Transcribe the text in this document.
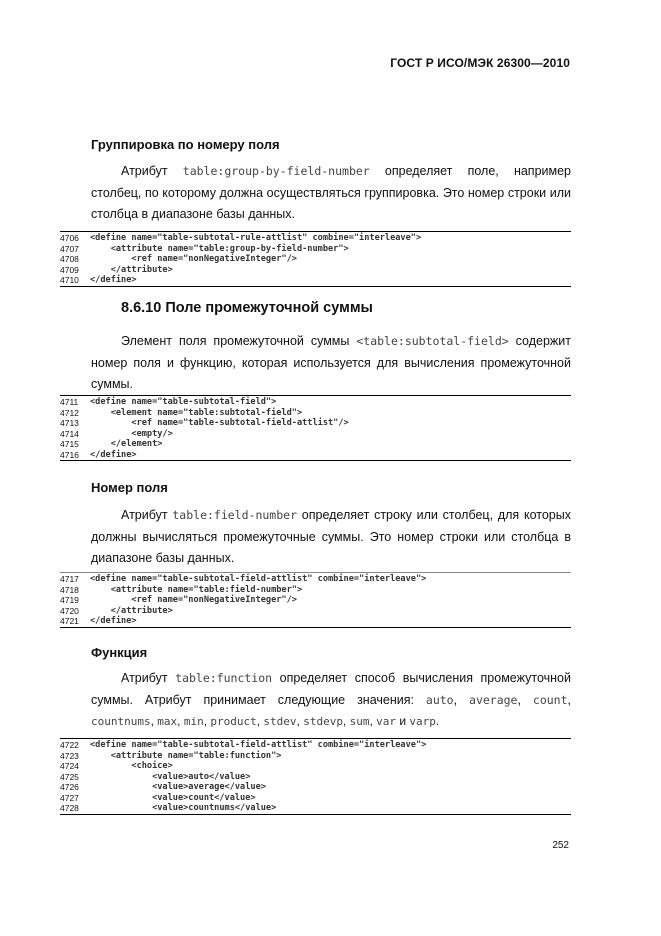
ГОСТ Р ИСО/МЭК 26300—2010
Группировка по номеру поля

Атрибут table:group-by-field-number определяет поле, например столбец, по которому должна осуществляться группировка. Это номер строки или столбца в диапазоне базы данных.

4706	<define name="table-subtotal-rule-attlist" combine="interleave">
4707	<attribute name="table:group-by-field-number">
4708	<ref name="nonNegativeInteger"/>
4709	</attribute>
4710	</define>
8.6.10 Поле промежуточной суммы

Элемент поля промежуточной суммы <table:subtotal-field> содержит номер поля и функцию, которая используется для вычисления промежуточной суммы.

4711	<define name="table-subtotal-field">
4712	<element name="table:subtotal-field">
4713	<ref name="table-subtotal-field-attlist"/>
4714	<empty/>
4715	</element>
4716	</define>
Номер поля

Атрибут table:field-number определяет строку или столбец, для которых должны вычисляться промежуточные суммы. Это номер строки или столбца в диапазоне базы данных.

4717	<define name="table-subtotal-field-attlist" combine="interleave">
4718	<attribute name="table:field-number">
4719	<ref name="nonNegativeInteger"/>
4720	</attribute>
4721	</define>
Функция

Атрибут table:function определяет способ вычисления промежуточной

суммы. Атрибут принимает следующие значения: auto, average, count,

countnums, max, min, product, stdev, stdevp, sum, var и varp.

4722	<define name="table-subtotal-field-attlist" combine="interleave">
4723	<attribute name="table:function">
4724	<choice>
4725	<value>auto</value>
4726	<value>average</value>
4727	<value>count</value>
4728	<value>countnums</value>
252
